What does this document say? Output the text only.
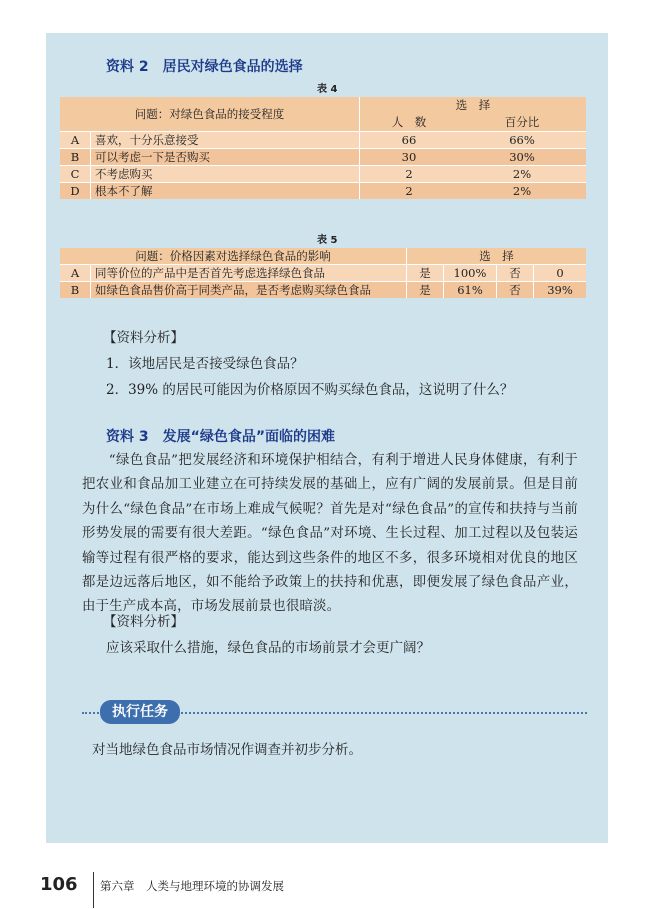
资料 2　居民对绿色食品的选择
表 4
问题：对绿色食品的接受程度		选　择	
		人　数	百分比
A	喜欢，十分乐意接受	66	66%
B	可以考虑一下是否购买	30	30%
C	不考虑购买	2	2%
D	根本不了解	2	2%
表 5
问题：价格因素对选择绿色食品的影响		选　择			
A	同等价位的产品中是否首先考虑选择绿色食品	是	100%	否	0
B	如绿色食品售价高于同类产品，是否考虑购买绿色食品	是	61%	否	39%
【资料分析】
1．该地居民是否接受绿色食品？
2．39% 的居民可能因为价格原因不购买绿色食品，这说明了什么？
资料 3　发展“绿色食品”面临的困难

“绿色食品”把发展经济和环境保护相结合，有利于增进人民身体健康，有利于把农业和食品加工业建立在可持续发展的基础上，应有广阔的发展前景。但是目前为什么“绿色食品”在市场上难成气候呢？首先是对“绿色食品”的宣传和扶持与当前形势发展的需要有很大差距。“绿色食品”对环境、生长过程、加工过程以及包装运输等过程有很严格的要求，能达到这些条件的地区不多，很多环境相对优良的地区都是边远落后地区，如不能给予政策上的扶持和优惠，即便发展了绿色食品产业，由于生产成本高，市场发展前景也很暗淡。

【资料分析】
应该采取什么措施，绿色食品的市场前景才会更广阔？
执行任务
对当地绿色食品市场情况作调查并初步分析。
106 第六章　人类与地理环境的协调发展
